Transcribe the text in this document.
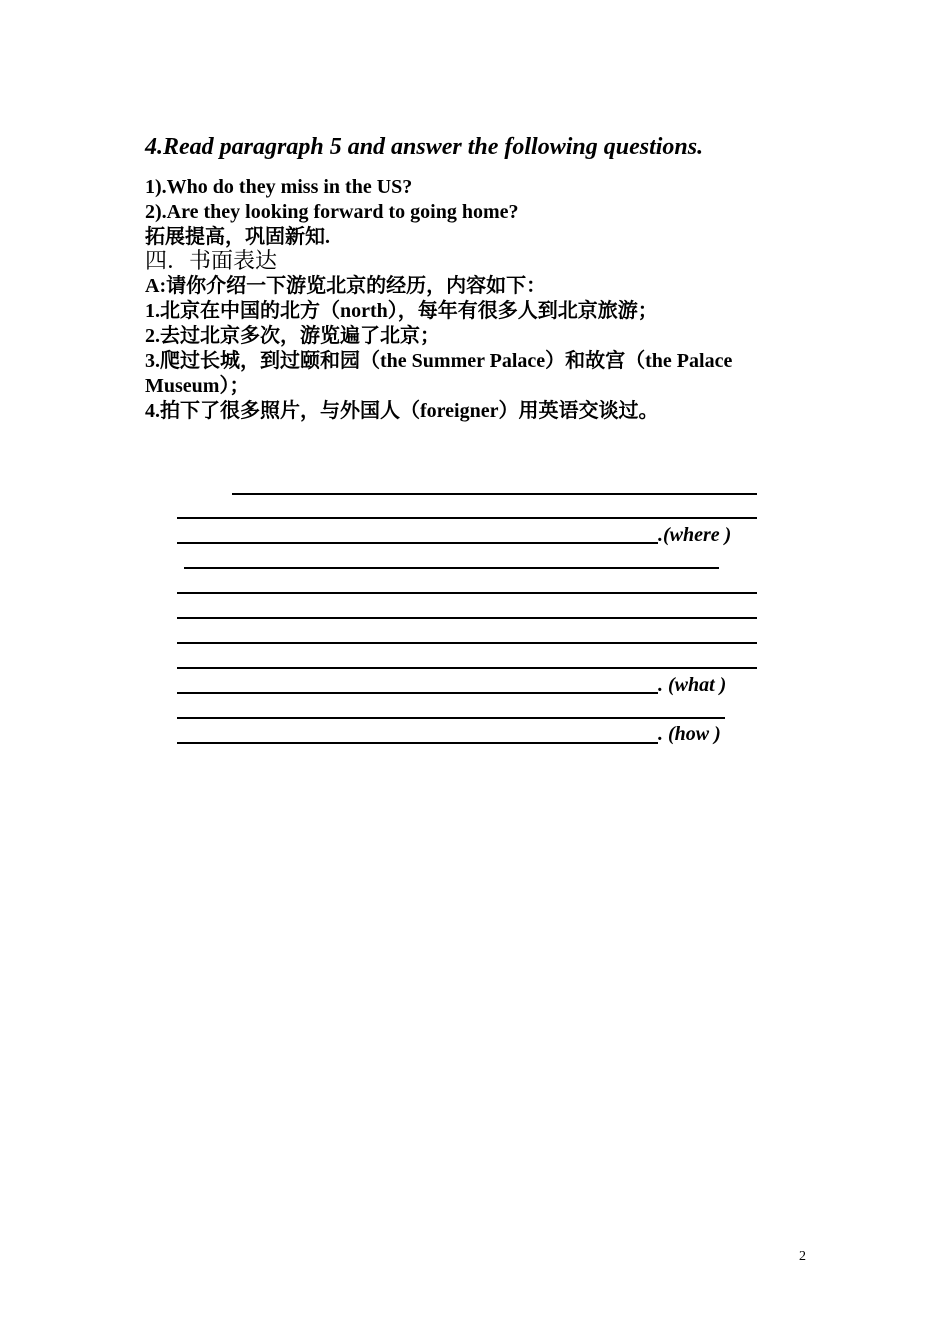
4.Read paragraph 5 and answer the following questions.
1).Who do they miss in the US?
2).Are they looking forward to going home?
拓展提高，巩固新知.
四．书面表达
A:请你介绍一下游览北京的经历，内容如下：
1.北京在中国的北方（north），每年有很多人到北京旅游；
2.去过北京多次，游览遍了北京；
3.爬过长城，到过颐和园（the Summer Palace）和故宫（the Palace
Museum）；
4.拍下了很多照片，与外国人（foreigner）用英语交谈过。
.(where )
. (what )
. (how )
2
